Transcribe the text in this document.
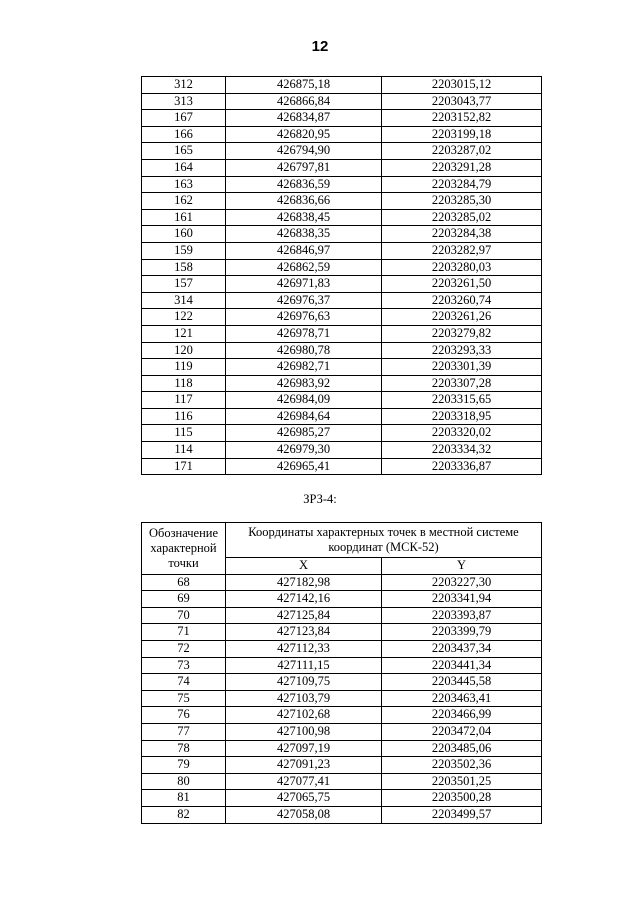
12
312	426875,18	2203015,12
313	426866,84	2203043,77
167	426834,87	2203152,82
166	426820,95	2203199,18
165	426794,90	2203287,02
164	426797,81	2203291,28
163	426836,59	2203284,79
162	426836,66	2203285,30
161	426838,45	2203285,02
160	426838,35	2203284,38
159	426846,97	2203282,97
158	426862,59	2203280,03
157	426971,83	2203261,50
314	426976,37	2203260,74
122	426976,63	2203261,26
121	426978,71	2203279,82
120	426980,78	2203293,33
119	426982,71	2203301,39
118	426983,92	2203307,28
117	426984,09	2203315,65
116	426984,64	2203318,95
115	426985,27	2203320,02
114	426979,30	2203334,32
171	426965,41	2203336,87
ЗРЗ-4:
Обозначение характерной точки	Координаты характерных точек в местной системе координат (МСК-52)	
	X	Y
68	427182,98	2203227,30
69	427142,16	2203341,94
70	427125,84	2203393,87
71	427123,84	2203399,79
72	427112,33	2203437,34
73	427111,15	2203441,34
74	427109,75	2203445,58
75	427103,79	2203463,41
76	427102,68	2203466,99
77	427100,98	2203472,04
78	427097,19	2203485,06
79	427091,23	2203502,36
80	427077,41	2203501,25
81	427065,75	2203500,28
82	427058,08	2203499,57
